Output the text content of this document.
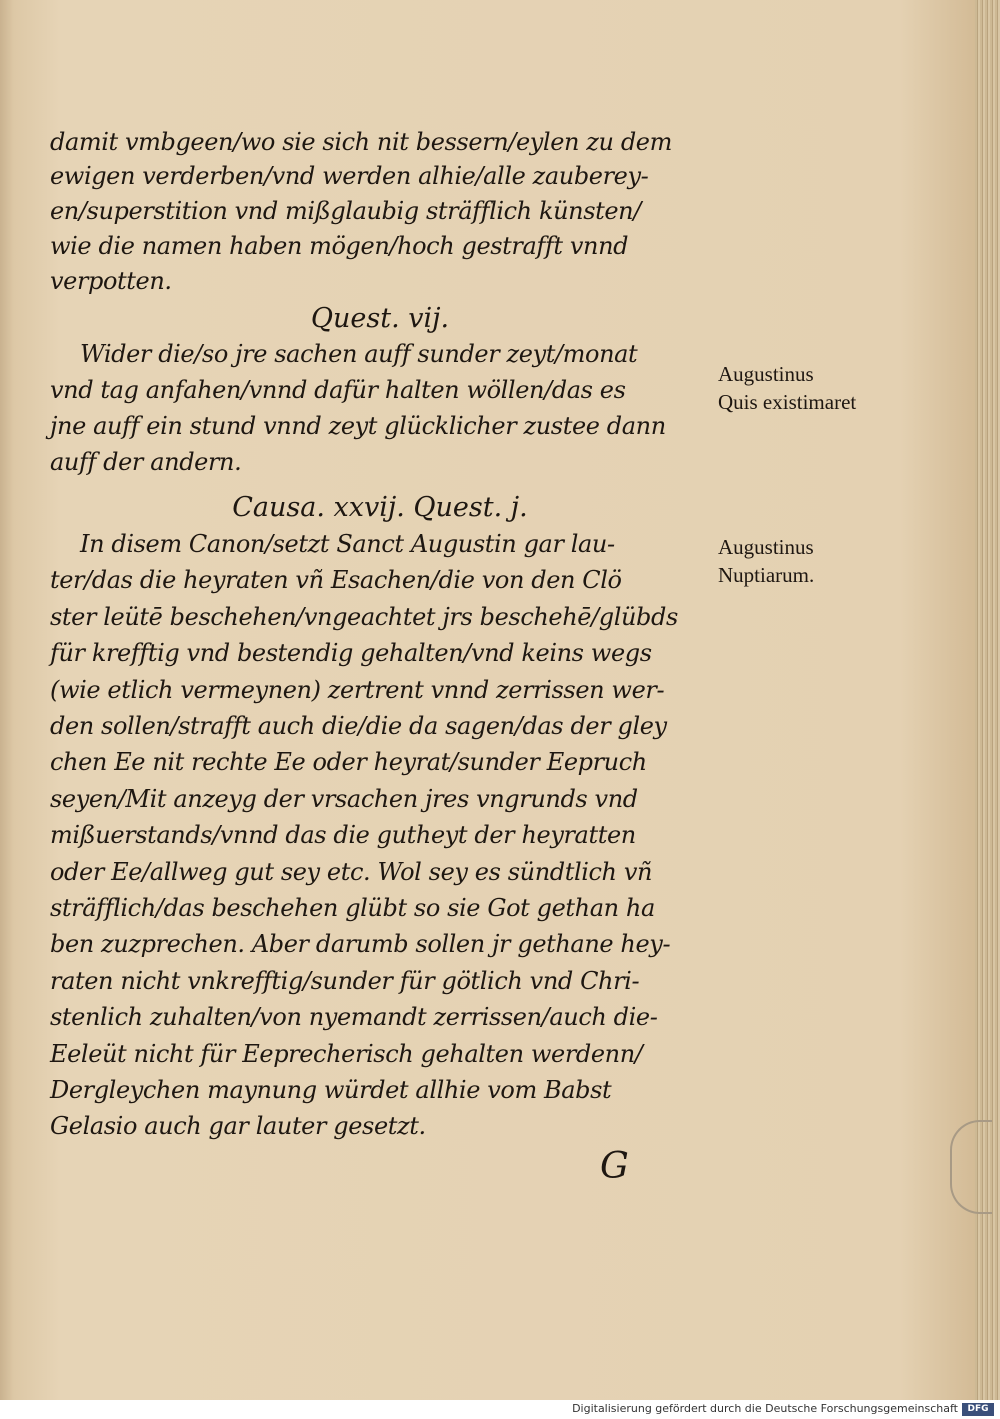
damit vmbgeen/wo sie sich nit bessern/eylen zu dem
ewigen verderben/vnd werden alhie/alle zauberey-
en/superstition vnd mißglaubig sträfflich künsten/
wie die namen haben mögen/hoch gestrafft vnnd
verpotten.
Quest. vij.
Wider die/so jre sachen auff sunder zeyt/monat
vnd tag anfahen/vnnd dafür halten wöllen/das es
jne auff ein stund vnnd zeyt glücklicher zustee dann
auff der andern.
Causa. xxvij. Quest. j.
In disem Canon/setzt Sanct Augustin gar lau-
ter/das die heyraten vñ Esachen/die von den Clö
ster leütē beschehen/vngeachtet jrs beschehē/glübds
für krefftig vnd bestendig gehalten/vnd keins wegs
(wie etlich vermeynen) zertrent vnnd zerrissen wer-
den sollen/strafft auch die/die da sagen/das der gley
chen Ee nit rechte Ee oder heyrat/sunder Eepruch
seyen/Mit anzeyg der vrsachen jres vngrunds vnd
mißuerstands/vnnd das die gutheyt der heyratten
oder Ee/allweg gut sey etc. Wol sey es sündtlich vñ
sträfflich/das beschehen glübt so sie Got gethan ha
ben zuzprechen. Aber darumb sollen jr gethane hey-
raten nicht vnkrefftig/sunder für götlich vnd Chri-
stenlich zuhalten/von nyemandt zerrissen/auch die-
Eeleüt nicht für Eeprecherisch gehalten werdenn/
Dergleychen maynung würdet allhie vom Babst
Gelasio auch gar lauter gesetzt.
Augustinus
Quis existimaret
Augustinus
Nuptiarum.
G
Digitalisierung gefördert durch die Deutsche Forschungsgemeinschaft	DFG
